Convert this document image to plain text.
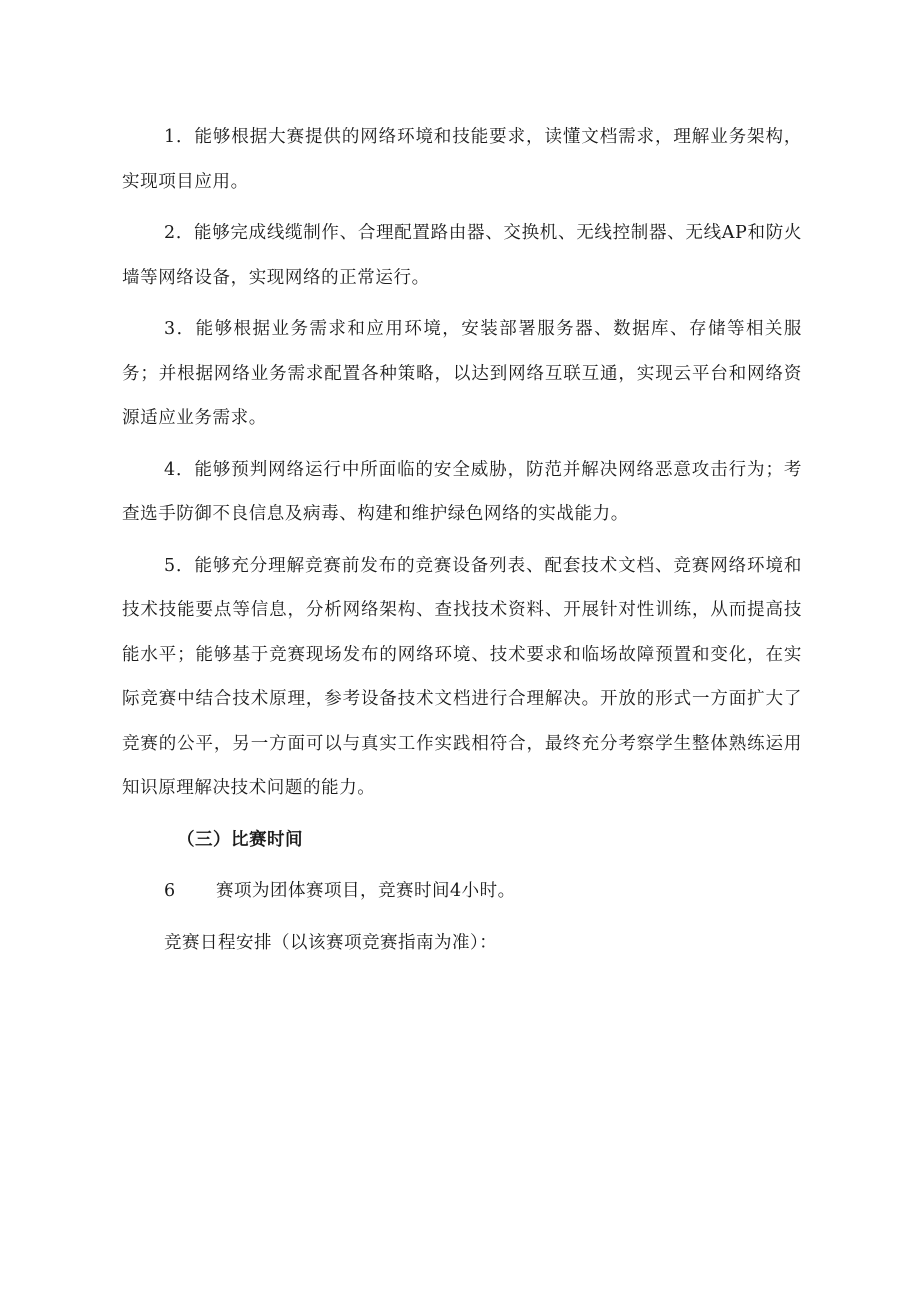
1．能够根据大赛提供的网络环境和技能要求，读懂文档需求，理解业务架构，实现项目应用。

2．能够完成线缆制作、合理配置路由器、交换机、无线控制器、无线AP和防火墙等网络设备，实现网络的正常运行。

3．能够根据业务需求和应用环境，安装部署服务器、数据库、存储等相关服务；并根据网络业务需求配置各种策略，以达到网络互联互通，实现云平台和网络资源适应业务需求。

4．能够预判网络运行中所面临的安全威胁，防范并解决网络恶意攻击行为；考查选手防御不良信息及病毒、构建和维护绿色网络的实战能力。

5．能够充分理解竞赛前发布的竞赛设备列表、配套技术文档、竞赛网络环境和技术技能要点等信息，分析网络架构、查找技术资料、开展针对性训练，从而提高技能水平；能够基于竞赛现场发布的网络环境、技术要求和临场故障预置和变化，在实际竞赛中结合技术原理，参考设备技术文档进行合理解决。开放的形式一方面扩大了竞赛的公平，另一方面可以与真实工作实践相符合，最终充分考察学生整体熟练运用知识原理解决技术问题的能力。

（三）比赛时间

6 赛项为团体赛项目，竞赛时间4小时。

竞赛日程安排（以该赛项竞赛指南为准）：
